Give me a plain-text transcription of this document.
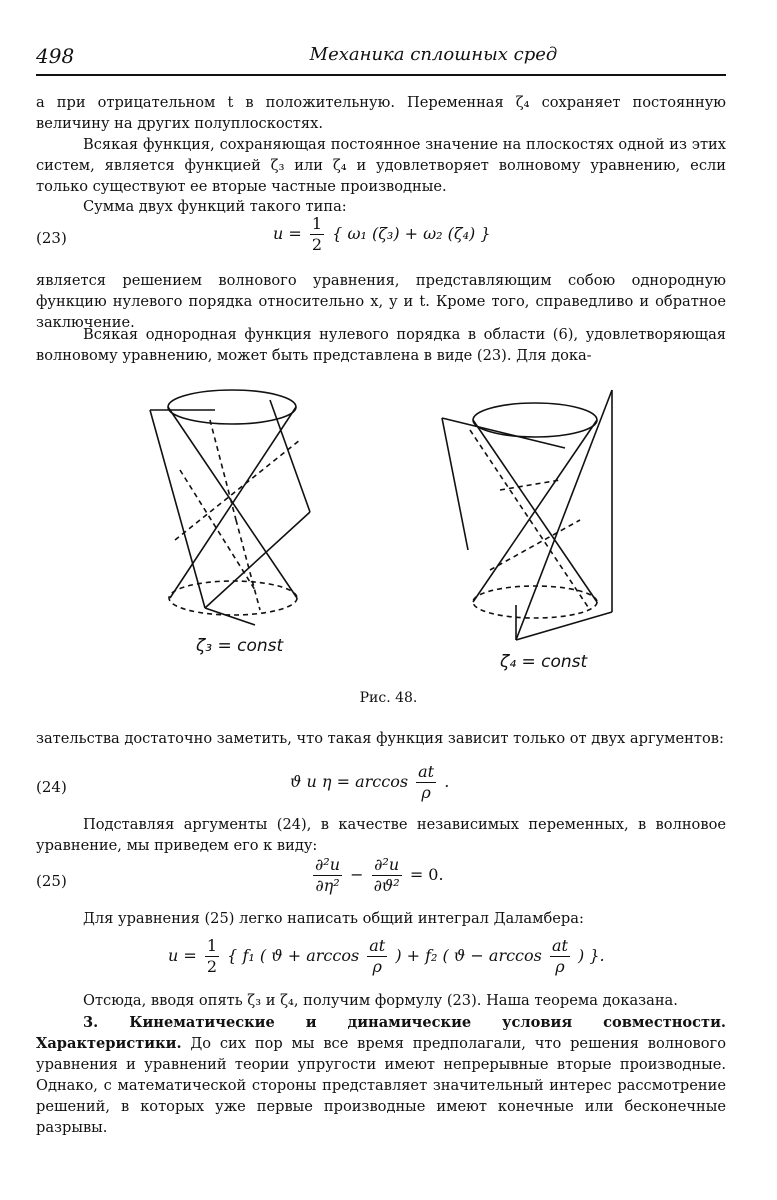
498	Механика сплошных сред
а при отрицательном t в положительную. Переменная ζ₄ сохраняет постоянную величину на других полуплоскостях.
Всякая функция, сохраняющая постоянное значение на плоскостях одной из этих систем, является функцией ζ₃ или ζ₄ и удовлетворяет волновому уравнению, если только существуют ее вторые частные производные.
Сумма двух функций такого типа:
(23)	$u = \frac{1}{2}$ { ω₁ (ζ₃) + ω₂ (ζ₄) }
является решением волнового уравнения, представляющим собою однородную функцию нулевого порядка относительно x, y и t. Кроме того, справедливо и обратное заключение.
Всякая однородная функция нулевого порядка в области (6), удовлетворяющая волновому уравнению, может быть представлена в виде (23). Для дока-
ζ₃ = const
ζ₄ = const
Рис. 48.
зательства достаточно заметить, что такая функция зависит только от двух аргументов:
(24)	ϑ и $\eta = \arccos \frac{at}{\rho}$ .
Подставляя аргументы (24), в качестве независимых переменных, в волновое уравнение, мы приведем его к виду:
(25)	$\frac{\text{∂²u}}{\text{∂η²}} - \frac{\text{∂²u}}{\text{∂ϑ²}} = 0$.
Для уравнения (25) легко написать общий интеграл Даламбера:
$u = \frac{1}{2}$ { f₁ ( $ϑ + \arccos \frac{at}{\rho}$ ) + f₂ ( $ϑ - \arccos \frac{at}{\rho}$ ) }.
Отсюда, вводя опять ζ₃ и ζ₄, получим формулу (23). Наша теорема доказана.
3. Кинематические и динамические условия совместности. Характеристики. До сих пор мы все время предполагали, что решения волнового уравнения и уравнений теории упругости имеют непрерывные вторые производные. Однако, с математической стороны представляет значительный интерес рассмотрение решений, в которых уже первые производные имеют конечные или бесконечные разрывы.
